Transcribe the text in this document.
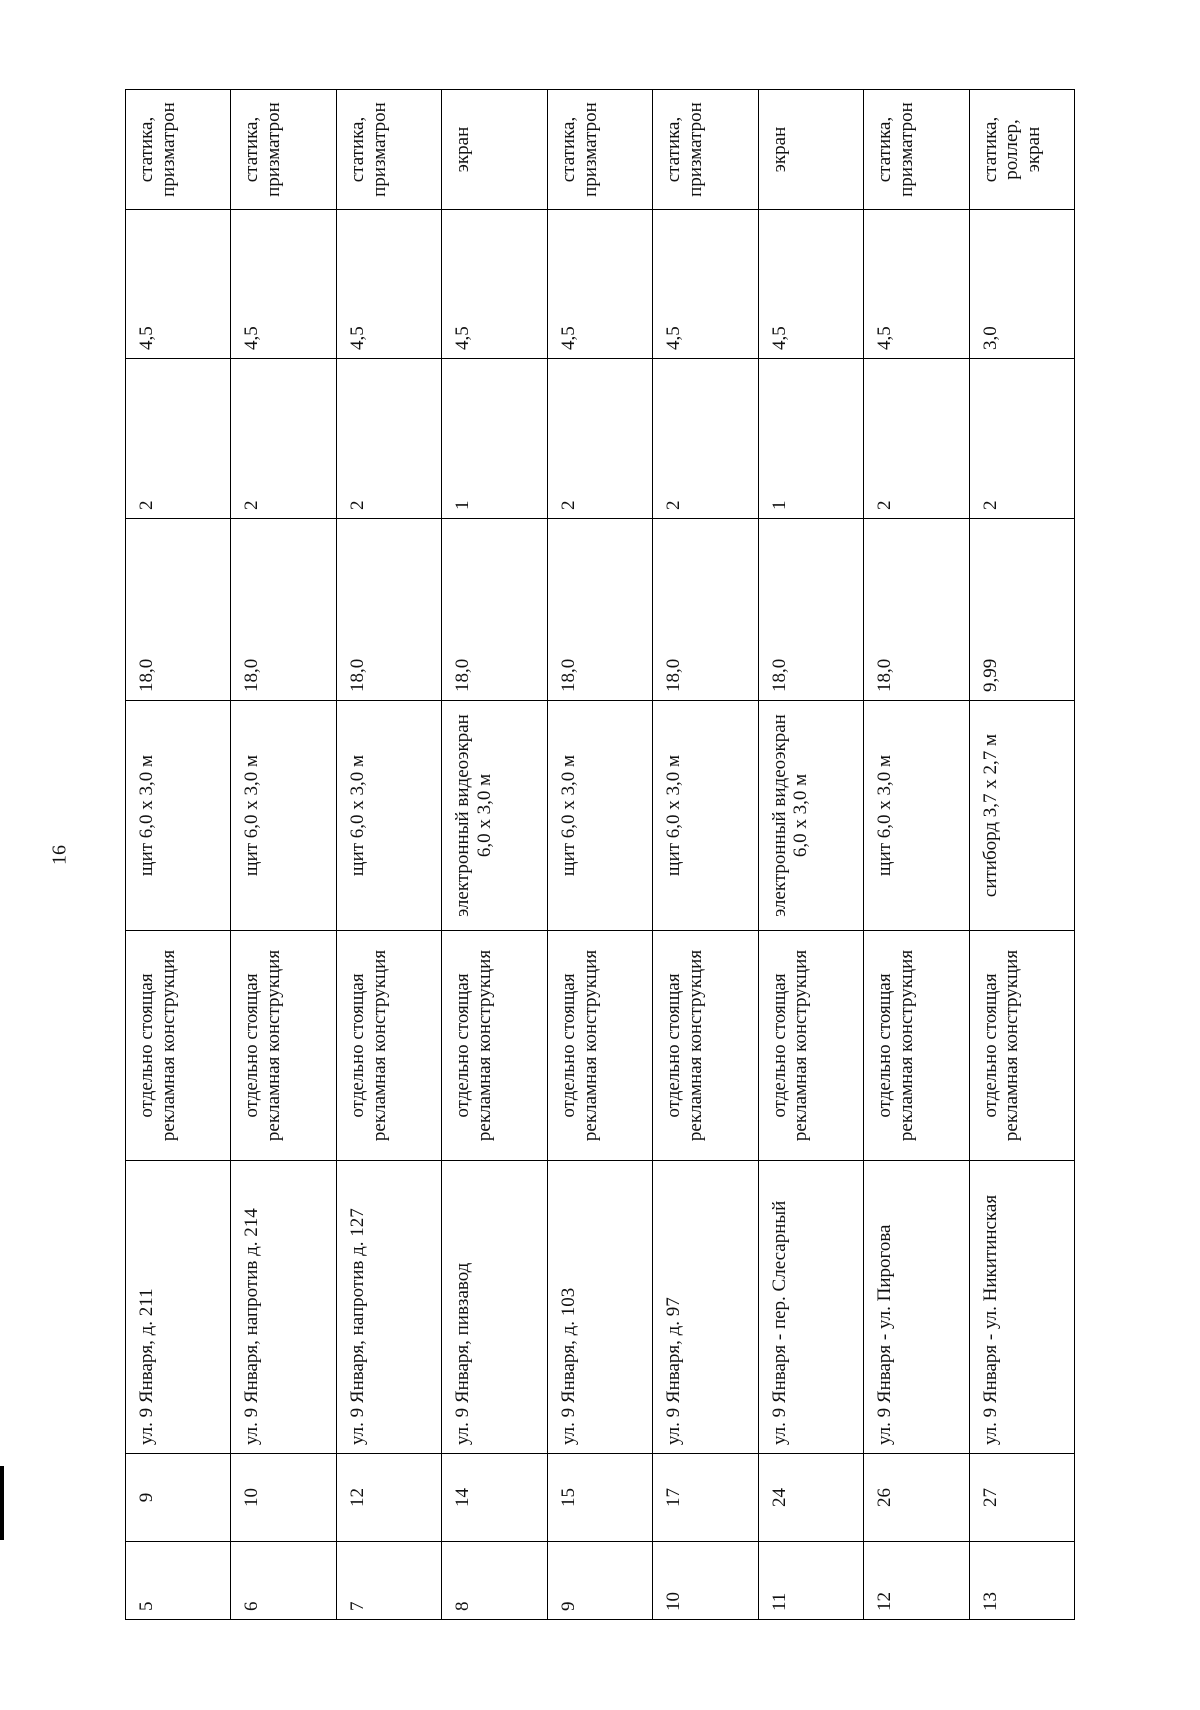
16
5	9	ул. 9 Января, д. 211	отдельно стоящая рекламная конструкция	щит 6,0 х 3,0 м	18,0	2	4,5	статика, призматрон
6	10	ул. 9 Января, напротив д. 214	отдельно стоящая рекламная конструкция	щит 6,0 х 3,0 м	18,0	2	4,5	статика, призматрон
7	12	ул. 9 Января, напротив д. 127	отдельно стоящая рекламная конструкция	щит 6,0 х 3,0 м	18,0	2	4,5	статика, призматрон
8	14	ул. 9 Января, пивзавод	отдельно стоящая рекламная конструкция	электронный видеоэкран 6,0 х 3,0 м	18,0	1	4,5	экран
9	15	ул. 9 Января, д. 103	отдельно стоящая рекламная конструкция	щит 6,0 х 3,0 м	18,0	2	4,5	статика, призматрон
10	17	ул. 9 Января, д. 97	отдельно стоящая рекламная конструкция	щит 6,0 х 3,0 м	18,0	2	4,5	статика, призматрон
11	24	ул. 9 Января - пер. Слесарный	отдельно стоящая рекламная конструкция	электронный видеоэкран 6,0 х 3,0 м	18,0	1	4,5	экран
12	26	ул. 9 Января - ул. Пирогова	отдельно стоящая рекламная конструкция	щит 6,0 х 3,0 м	18,0	2	4,5	статика, призматрон
13	27	ул. 9 Января - ул. Никитинская	отдельно стоящая рекламная конструкция	ситиборд 3,7 х 2,7 м	9,99	2	3,0	статика, роллер, экран
